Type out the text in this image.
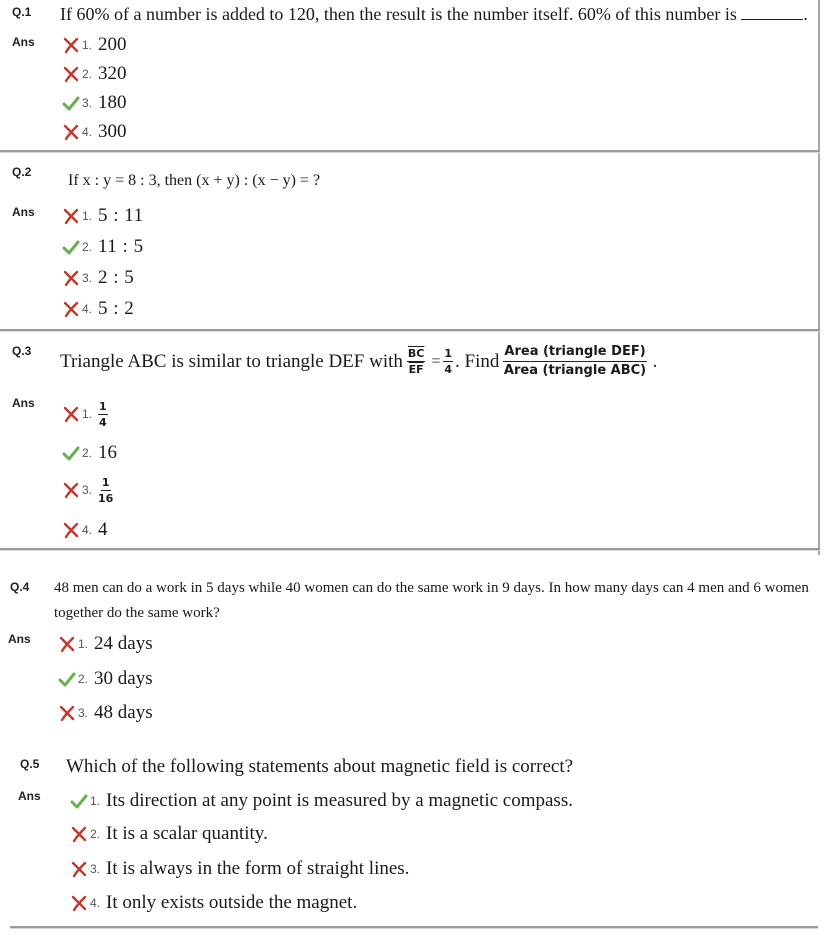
Q.1 If 60% of a number is added to 120, then the result is the number itself. 60% of this number is	.
Ans	1. 200
2. 320
3. 180
4. 300
Q.2 If x : y = 8 : 3, then (x + y) : (x − y) = ?
Ans	1. 5 : 11
2. 11 : 5
3. 2 : 5
4. 5 : 2
Q.3 Triangle ABC is similar to triangle DEF with $\frac{\overline{BC}}{EF} = \frac{1}{4}$ . Find $\frac{\text{Area (triangle DEF)}}{\text{Area (triangle ABC)}}$ .
Ans
1. $\frac{1}{4}$
2. 16
3. $\frac{1}{16}$
4. 4
Q.4 48 men can do a work in 5 days while 40 women can do the same work in 9 days. In how many days can 4 men and 6 women together do the same work?
Ans	1. 24 days
2. 30 days
3. 48 days
Q.5 Which of the following statements about magnetic field is correct?
Ans	1. Its direction at any point is measured by a magnetic compass.
2. It is a scalar quantity.
3. It is always in the form of straight lines.
4. It only exists outside the magnet.
